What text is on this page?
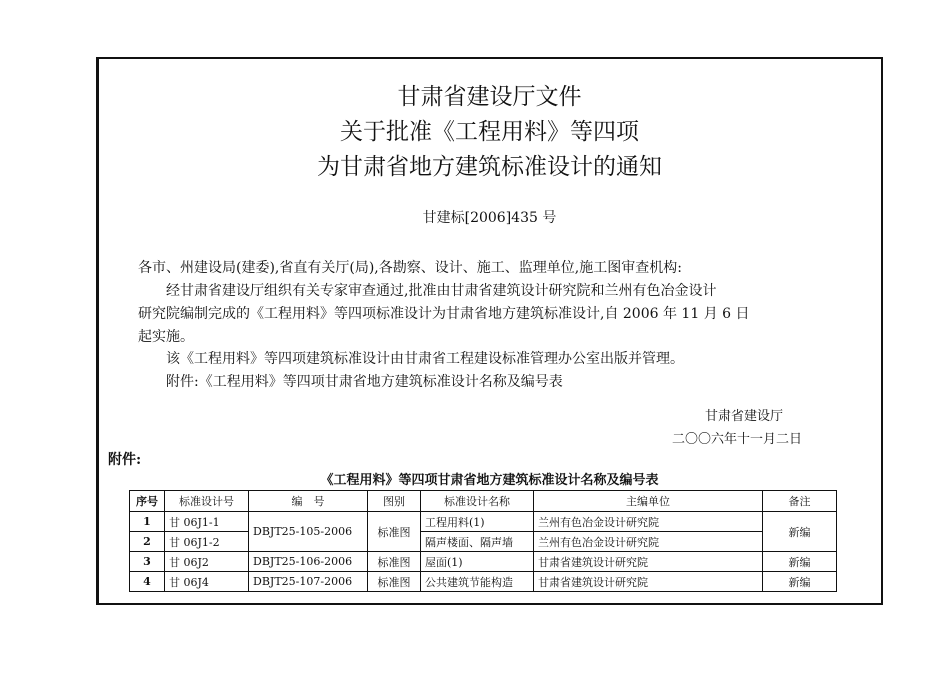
甘肃省建设厅文件
关于批准《工程用料》等四项
为甘肃省地方建筑标准设计的通知
甘建标[2006]435 号
各市、州建设局(建委),省直有关厅(局),各勘察、设计、施工、监理单位,施工图审查机构:
经甘肃省建设厅组织有关专家审查通过,批准由甘肃省建筑设计研究院和兰州有色冶金设计
研究院编制完成的《工程用料》等四项标准设计为甘肃省地方建筑标准设计,自 2006 年 11 月 6 日
起实施。
该《工程用料》等四项建筑标准设计由甘肃省工程建设标准管理办公室出版并管理。
附件:《工程用料》等四项甘肃省地方建筑标准设计名称及编号表
甘肃省建设厅
二〇〇六年十一月二日
附件:
《工程用料》等四项甘肃省地方建筑标准设计名称及编号表
序号	标准设计号	编　号	图别	标准设计名称	主编单位	备注
1	甘 06J1-1	DBJT25-105-2006	标准图	工程用料(1)	兰州有色冶金设计研究院	新编
2	甘 06J1-2			隔声楼面、隔声墙	兰州有色冶金设计研究院	
3	甘 06J2	DBJT25-106-2006	标准图	屋面(1)	甘肃省建筑设计研究院	新编
4	甘 06J4	DBJT25-107-2006	标准图	公共建筑节能构造	甘肃省建筑设计研究院	新编
